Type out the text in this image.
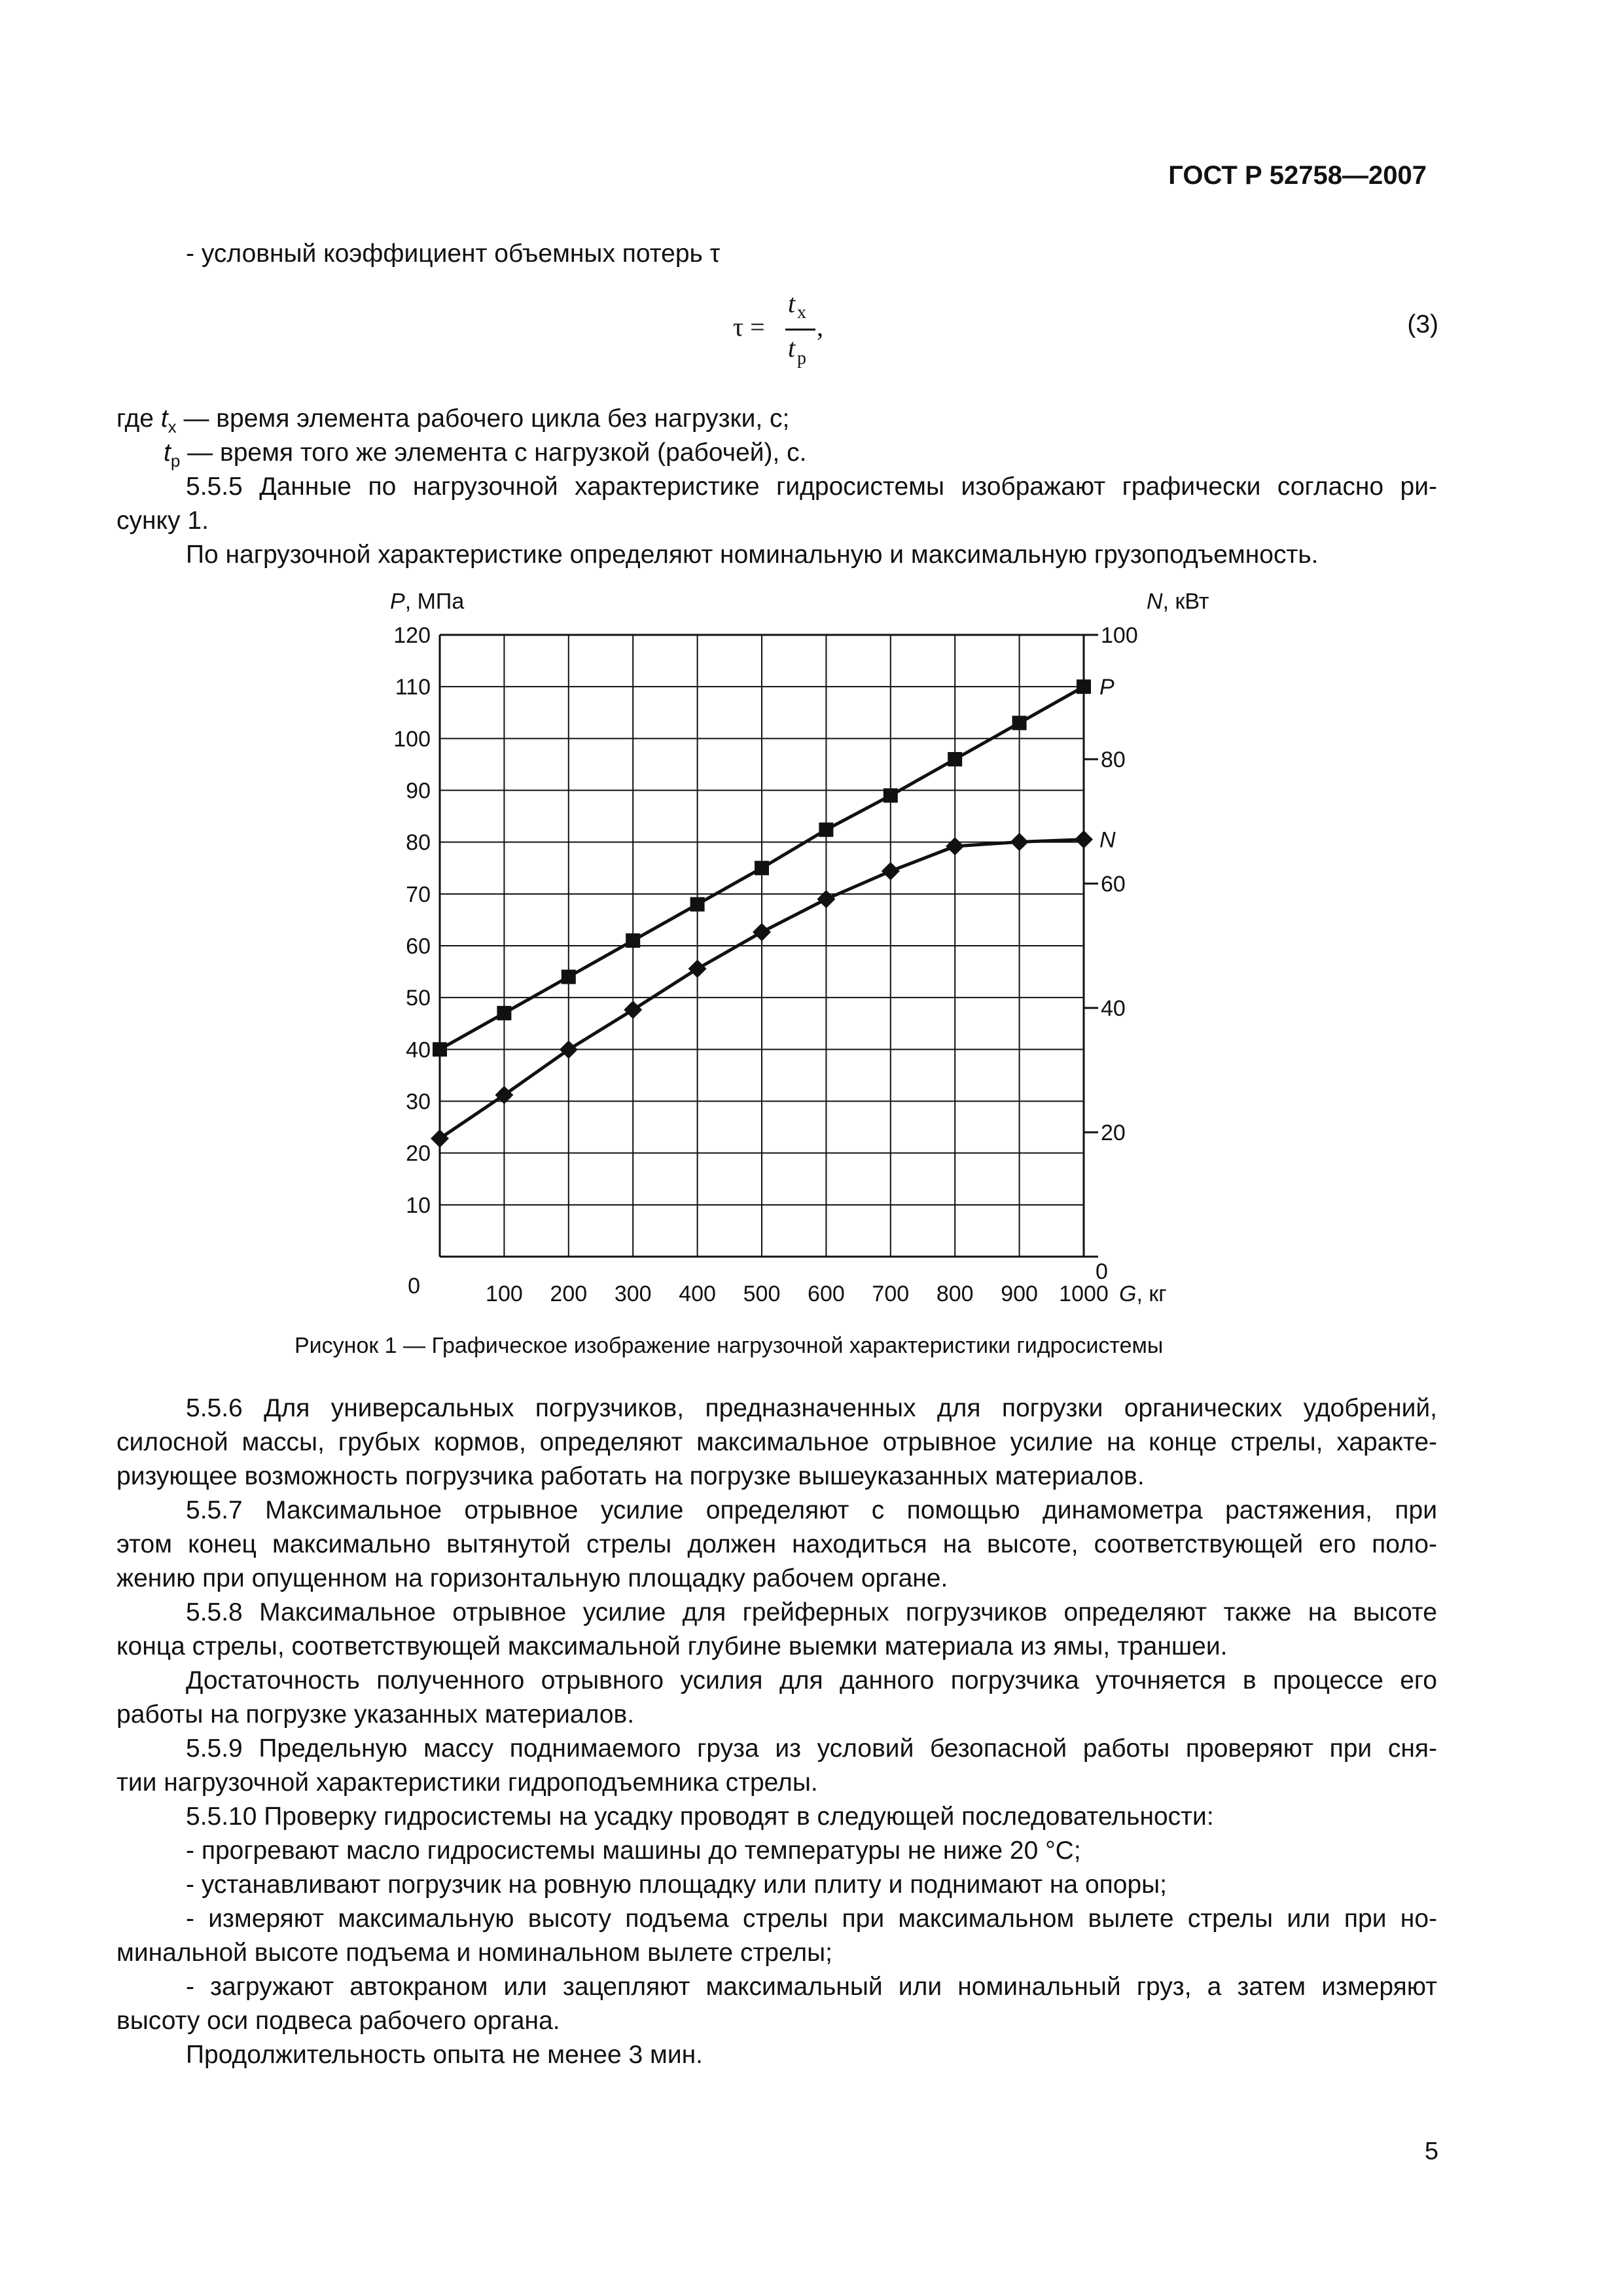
ГОСТ Р 52758—2007
- условный коэффициент объемных потерь τ
τ =
t x ,
t p
(3)
где $t_x$ — время элемента рабочего цикла без нагрузки, с;
$t_p$ — время того же элемента с нагрузкой (рабочей), с.
5.5.5 Данные по нагрузочной характеристике гидросистемы изображают графически согласно ри-
сунку 1.
По нагрузочной характеристике определяют номинальную и максимальную грузоподъемность.
120
110
100
90
80
70
60
50
40
30
20
10
0	100 200 300 400 500 600 700 800 900 1000
100
80
60
40
20
0
P, МПа	N, кВт
G, кг
P
N
Рисунок 1 — Графическое изображение нагрузочной характеристики гидросистемы
5.5.6 Для универсальных погрузчиков, предназначенных для погрузки органических удобрений,
силосной массы, грубых кормов, определяют максимальное отрывное усилие на конце стрелы, характе-
ризующее возможность погрузчика работать на погрузке вышеуказанных материалов.
5.5.7 Максимальное отрывное усилие определяют с помощью динамометра растяжения, при
этом конец максимально вытянутой стрелы должен находиться на высоте, соответствующей его поло-
жению при опущенном на горизонтальную площадку рабочем органе.
5.5.8 Максимальное отрывное усилие для грейферных погрузчиков определяют также на высоте
конца стрелы, соответствующей максимальной глубине выемки материала из ямы, траншеи.
Достаточность полученного отрывного усилия для данного погрузчика уточняется в процессе его
работы на погрузке указанных материалов.
5.5.9 Предельную массу поднимаемого груза из условий безопасной работы проверяют при сня-
тии нагрузочной характеристики гидроподъемника стрелы.
5.5.10 Проверку гидросистемы на усадку проводят в следующей последовательности:
- прогревают масло гидросистемы машины до температуры не ниже 20 °С;
- устанавливают погрузчик на ровную площадку или плиту и поднимают на опоры;
- измеряют максимальную высоту подъема стрелы при максимальном вылете стрелы или при но-
минальной высоте подъема и номинальном вылете стрелы;
- загружают автокраном или зацепляют максимальный или номинальный груз, а затем измеряют
высоту оси подвеса рабочего органа.
Продолжительность опыта не менее 3 мин.
5
